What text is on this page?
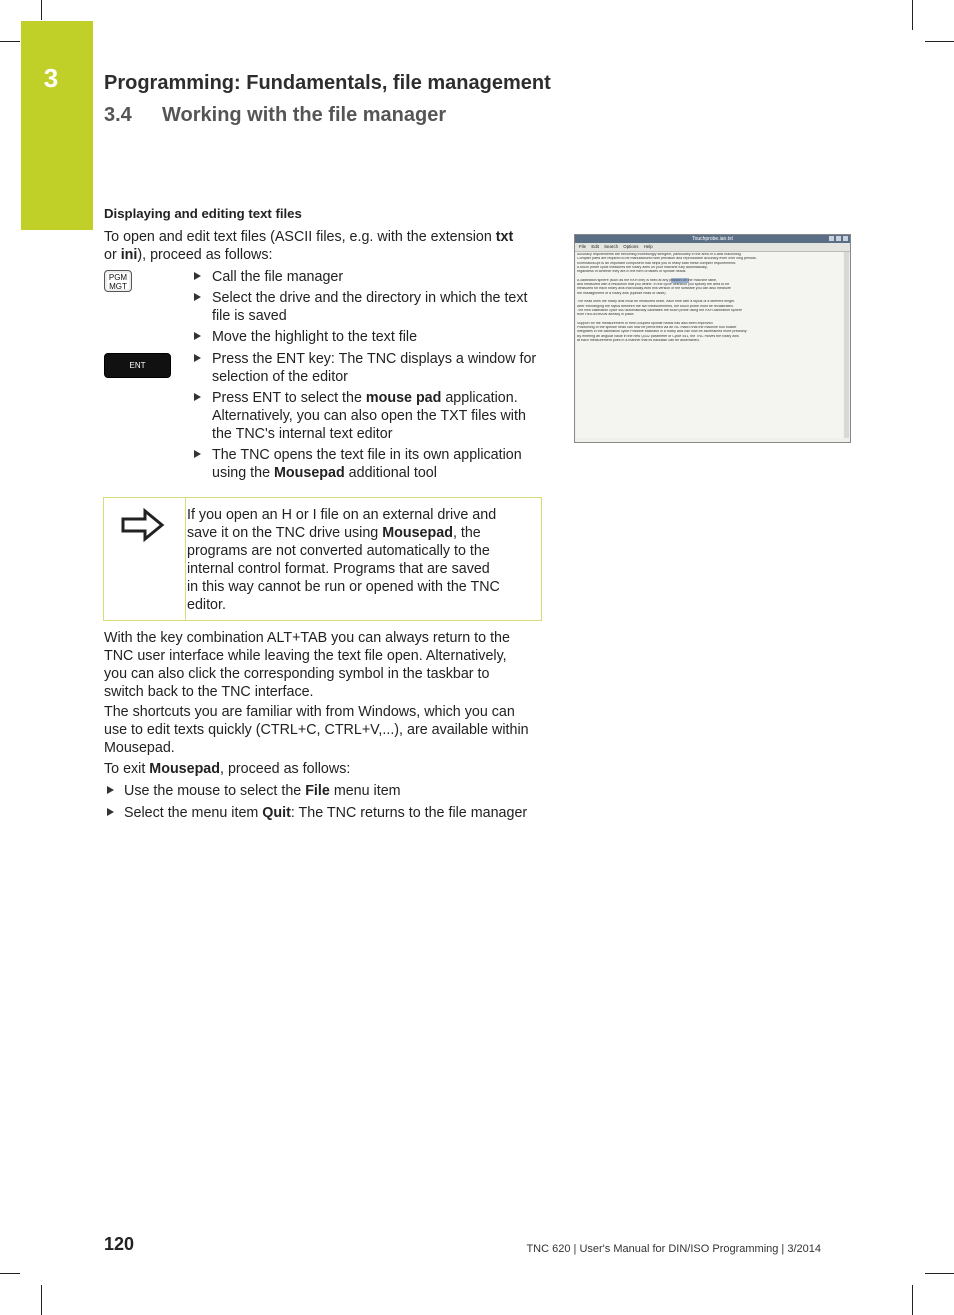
3	Programming: Fundamentals, file management
3.4 Working with the file manager
Displaying and editing text files
To open and edit text files (ASCII files, e.g. with the extension txt
or ini), proceed as follows:
PGM
MGT
ENT
Call the file manager
Select the drive and the directory in which the text
file is saved
Move the highlight to the text file
Press the ENT key: The TNC displays a window for
selection of the editor
Press ENT to select the mouse pad application.
Alternatively, you can also open the TXT files with
the TNC's internal text editor
The TNC opens the text file in its own application
using the Mousepad additional tool
If you open an H or I file on an external drive and
save it on the TNC drive using Mousepad, the
programs are not converted automatically to the
internal control format. Programs that are saved
in this way cannot be run or opened with the TNC
editor.
With the key combination ALT+TAB you can always return to the
TNC user interface while leaving the text file open. Alternatively,
you can also click the corresponding symbol in the taskbar to
switch back to the TNC interface.
The shortcuts you are familiar with from Windows, which you can
use to edit texts quickly (CTRL+C, CTRL+V,...), are available within
Mousepad.
To exit Mousepad, proceed as follows:
Use the mouse to select the File menu item
Select the menu item Quit: The TNC returns to the file manager
Touchprobe.ian.txt
File Edit Search Options Help
Accuracy requirements are becoming increasingly stringent, particularly in the area of 5-axis machining.
Complex parts are required to be manufactured with precision and reproducible accuracy even over long periods.
KinematicsOpt is an important component that helps you to really fulfill these complex requirements:
A touch probe cycle measures the rotary axes on your machine fully automatically,
regardless of whether they are in the form of tables or spindle heads.
A calibration sphere (such as the KKH line) is fixed at any position on the machine table,
and measured with a resolution that you define. In the cycle definition you specify the area to be
measured for each rotary axis individually.With this version of the software you can also measure
the misalignment of a rotary axis (spindle head or table).
The head uses the rotary axis must be measured twice, each time with a stylus of a different length.
After exchanging the stylus between the two measurements, the touch probe must be recalibrated.
The new calibration cycle 460 automatically calibrates the touch probe using the KKH calibration sphere
from HEIDENHAIN already in place.
Support for the measurement of Hirth-coupled spindle heads has also been improved.
Positioning of the spindle head can now be performed via an NC macro that the machine tool builder
integrates in the calibration cycle.Possible backlash in a rotary axis can now be ascertained more precisely.
By entering an angular value in the new Q432 parameter of Cycle 451, the TNC moves the rotary axis
at each measurement point in a manner that its backlash can be ascertained.
120	TNC 620 | User's Manual for DIN/ISO Programming | 3/2014
